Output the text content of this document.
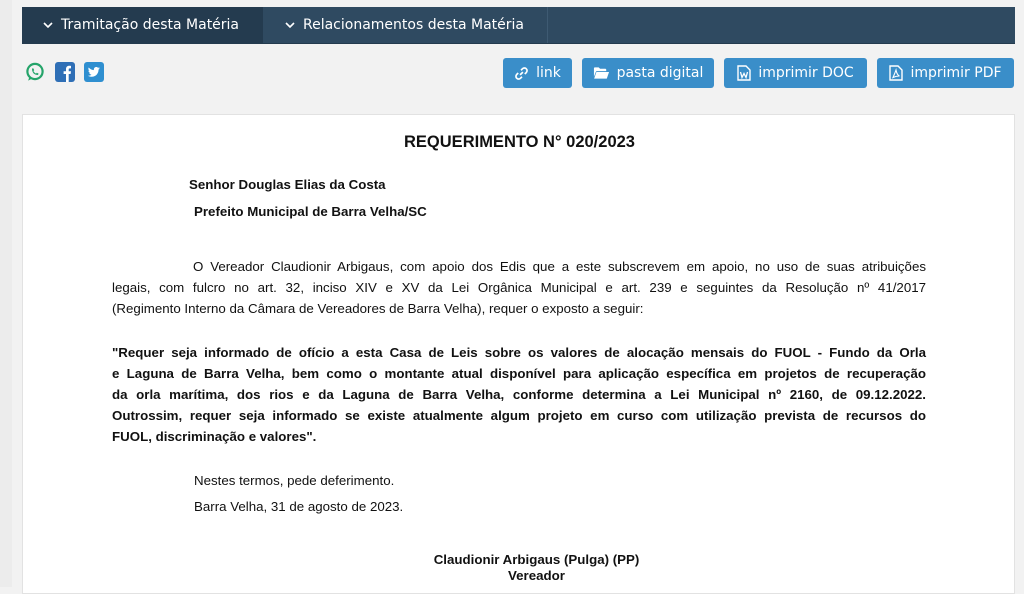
Tramitação desta Matéria	Relacionamentos desta Matéria
link	pasta digital	imprimir DOC	imprimir PDF
REQUERIMENTO N° 020/2023
Senhor Douglas Elias da Costa
Prefeito Municipal de Barra Velha/SC
O Vereador Claudionir Arbigaus, com apoio dos Edis que a este subscrevem em apoio, no uso de suas atribuições
legais, com fulcro no art. 32, inciso XIV e XV da Lei Orgânica Municipal e art. 239 e seguintes da Resolução nº 41/2017
(Regimento Interno da Câmara de Vereadores de Barra Velha), requer o exposto a seguir:
"Requer seja informado de ofício a esta Casa de Leis sobre os valores de alocação mensais do FUOL - Fundo da Orla
e Laguna de Barra Velha, bem como o montante atual disponível para aplicação específica em projetos de recuperação
da orla marítima, dos rios e da Laguna de Barra Velha, conforme determina a Lei Municipal nº 2160, de 09.12.2022.
Outrossim, requer seja informado se existe atualmente algum projeto em curso com utilização prevista de recursos do
FUOL, discriminação e valores".
Nestes termos, pede deferimento.
Barra Velha, 31 de agosto de 2023.
Claudionir Arbigaus (Pulga) (PP)
Vereador
